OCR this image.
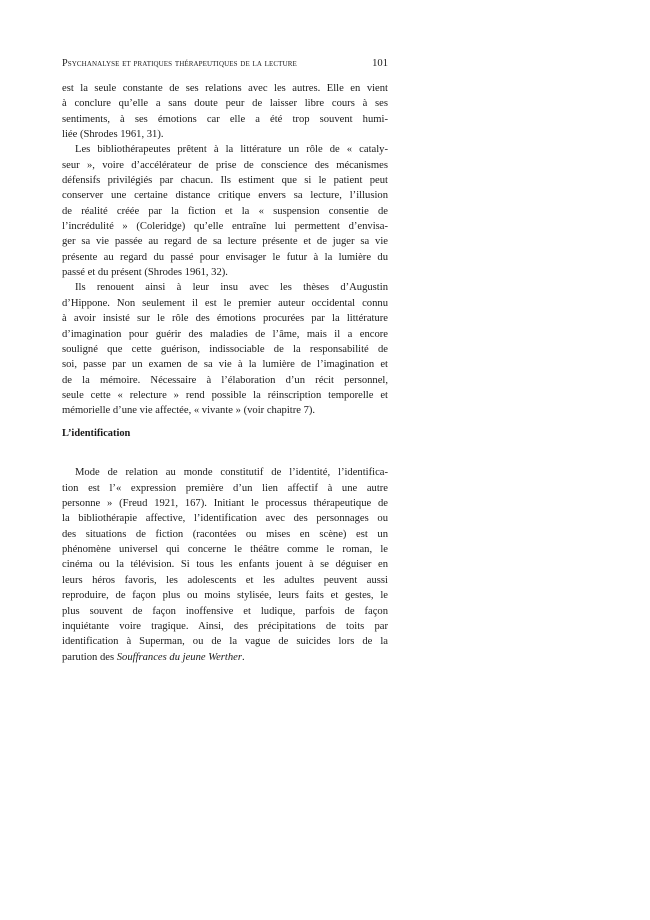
Psychanalyse et pratiques thérapeutiques de la lecture	101
est la seule constante de ses relations avec les autres. Elle en vient
à conclure qu’elle a sans doute peur de laisser libre cours à ses
sentiments, à ses émotions car elle a été trop souvent humi-
liée (Shrodes 1961, 31).
Les bibliothérapeutes prêtent à la littérature un rôle de « cataly-
seur », voire d’accélérateur de prise de conscience des mécanismes
défensifs privilégiés par chacun. Ils estiment que si le patient peut
conserver une certaine distance critique envers sa lecture, l’illusion
de réalité créée par la fiction et la « suspension consentie de
l’incrédulité » (Coleridge) qu’elle entraîne lui permettent d’envisa-
ger sa vie passée au regard de sa lecture présente et de juger sa vie
présente au regard du passé pour envisager le futur à la lumière du
passé et du présent (Shrodes 1961, 32).
Ils renouent ainsi à leur insu avec les thèses d’Augustin
d’Hippone. Non seulement il est le premier auteur occidental connu
à avoir insisté sur le rôle des émotions procurées par la littérature
d’imagination pour guérir des maladies de l’âme, mais il a encore
souligné que cette guérison, indissociable de la responsabilité de
soi, passe par un examen de sa vie à la lumière de l’imagination et
de la mémoire. Nécessaire à l’élaboration d’un récit personnel,
seule cette « relecture » rend possible la réinscription temporelle et
mémorielle d’une vie affectée, « vivante » (voir chapitre 7).
L’identification
Mode de relation au monde constitutif de l’identité, l’identifica-
tion est l’« expression première d’un lien affectif à une autre
personne » (Freud 1921, 167). Initiant le processus thérapeutique de
la bibliothérapie affective, l’identification avec des personnages ou
des situations de fiction (racontées ou mises en scène) est un
phénomène universel qui concerne le théâtre comme le roman, le
cinéma ou la télévision. Si tous les enfants jouent à se déguiser en
leurs héros favoris, les adolescents et les adultes peuvent aussi
reproduire, de façon plus ou moins stylisée, leurs faits et gestes, le
plus souvent de façon inoffensive et ludique, parfois de façon
inquiétante voire tragique. Ainsi, des précipitations de toits par
identification à Superman, ou de la vague de suicides lors de la
parution des Souffrances du jeune Werther.
